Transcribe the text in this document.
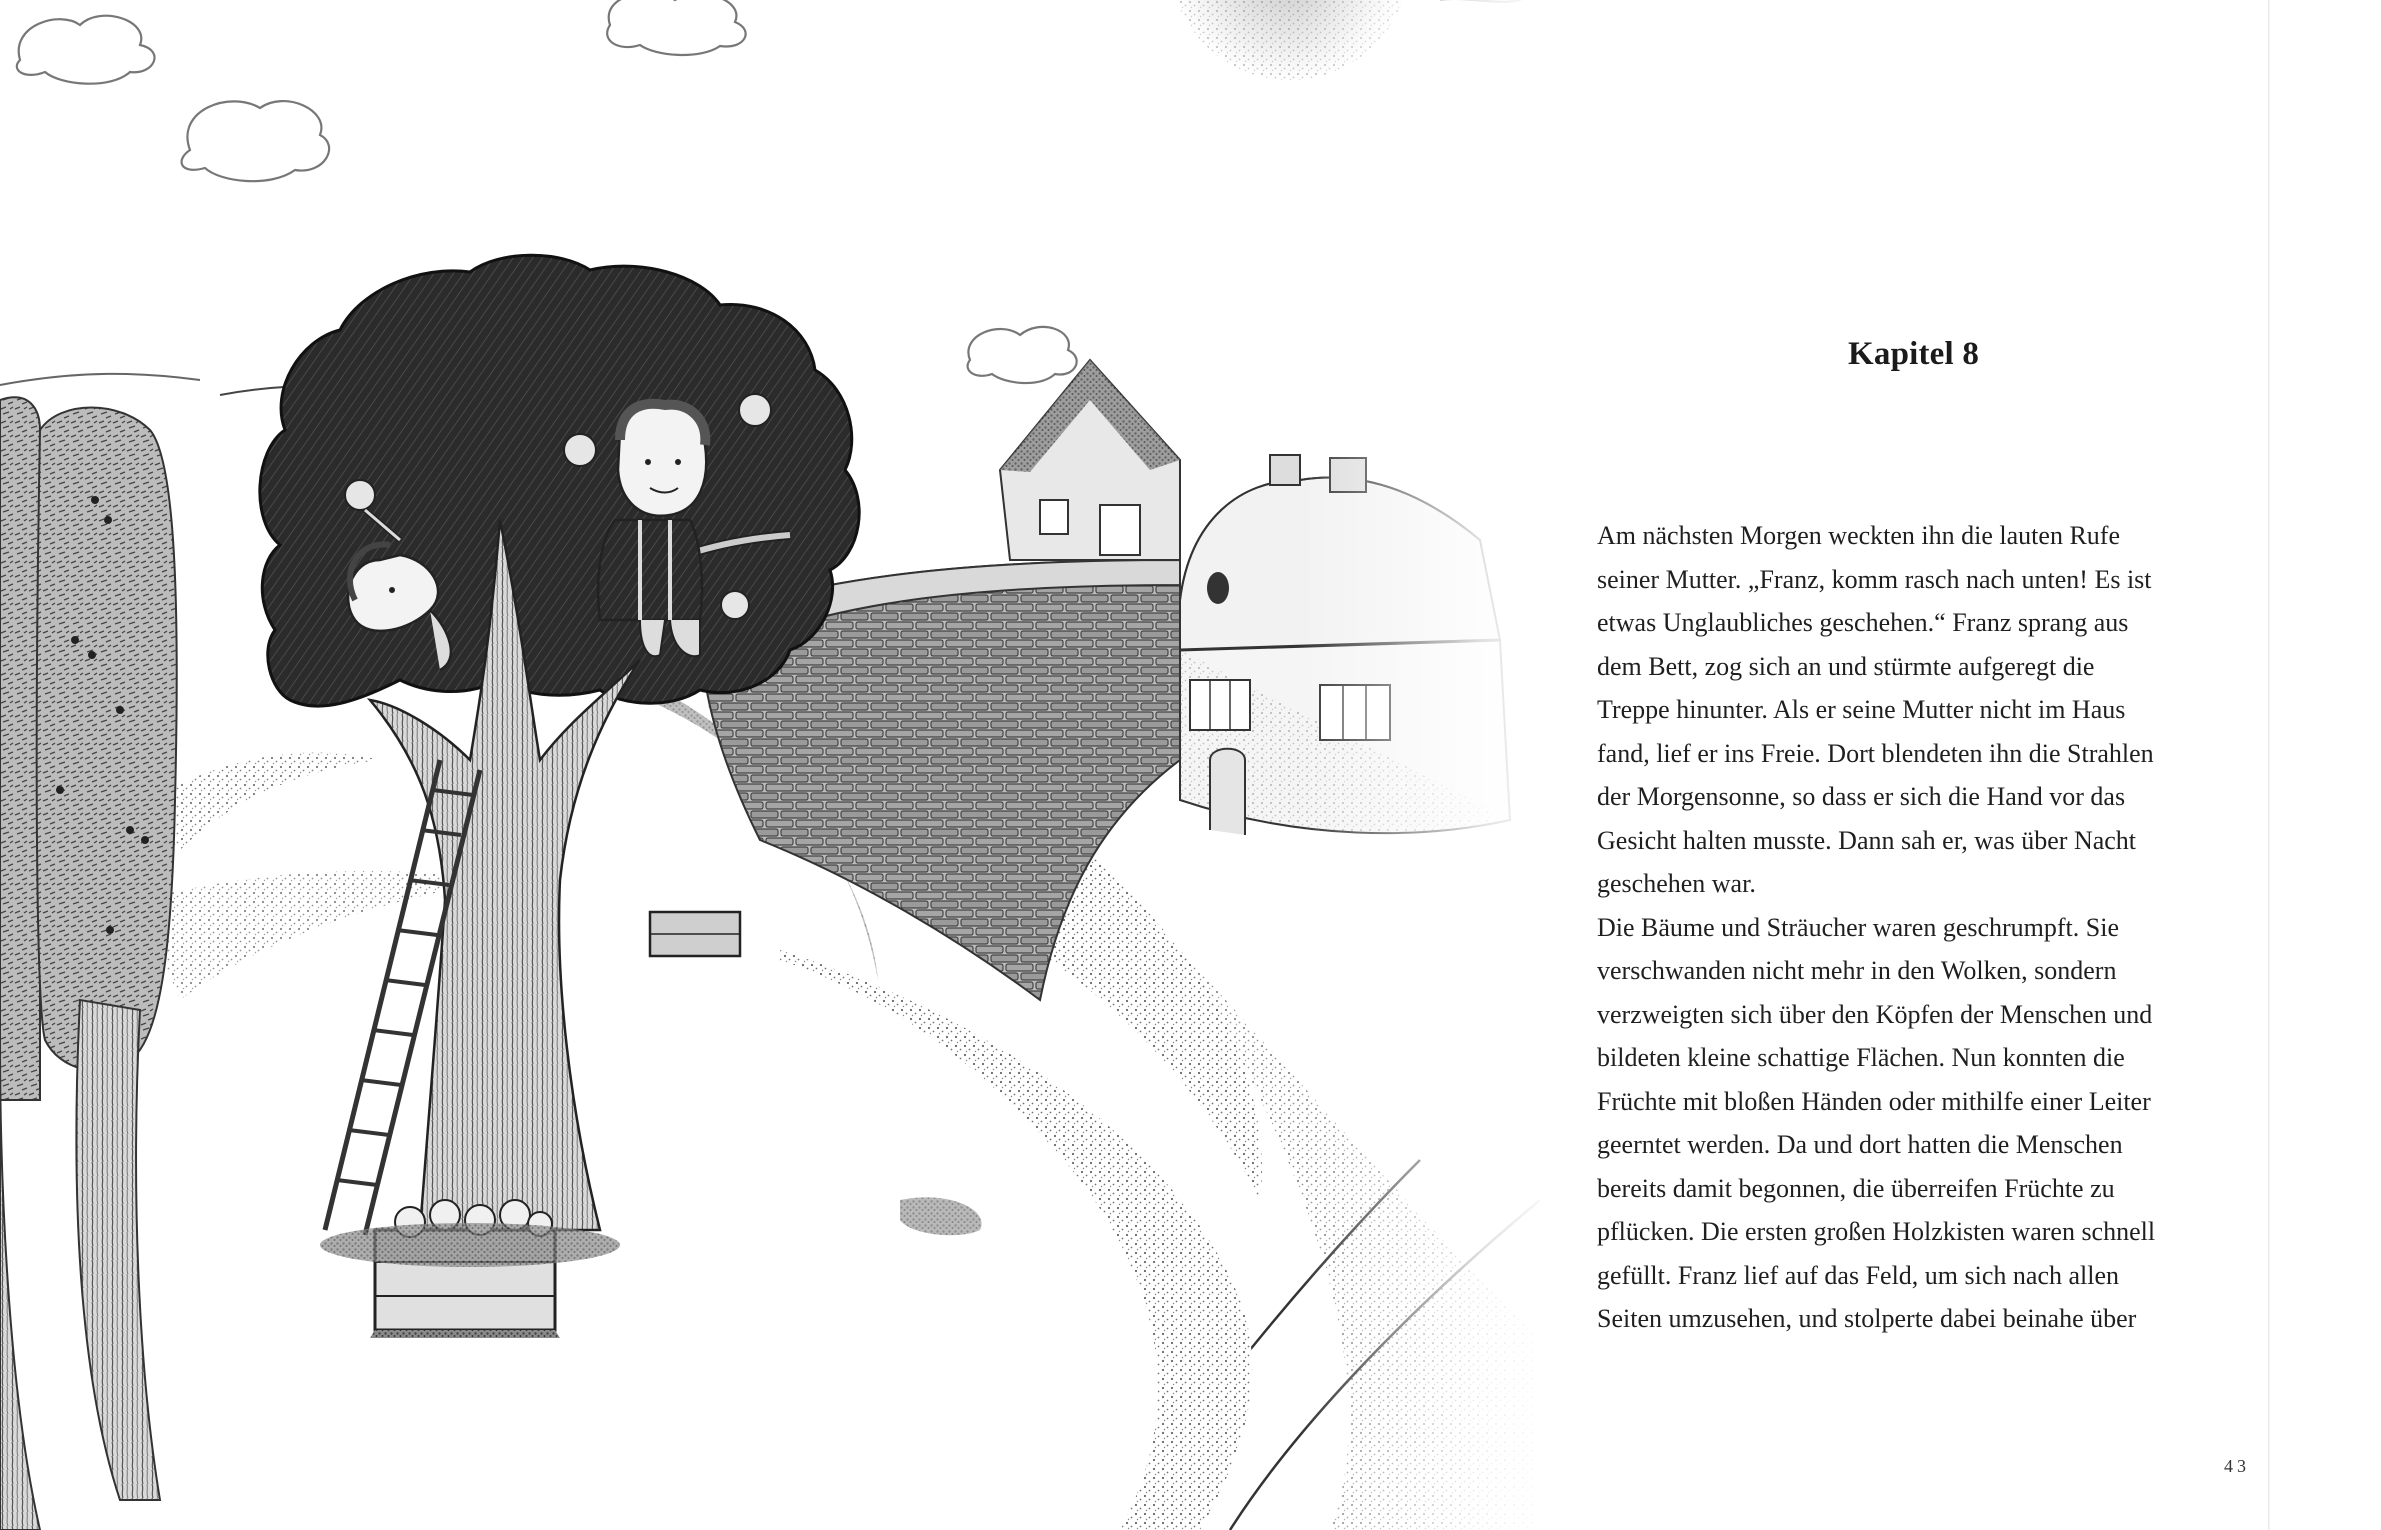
Kapitel 8

Am nächsten Morgen weckten ihn die lauten Rufe
seiner Mutter. „Franz, komm rasch nach unten! Es ist
etwas Unglaubliches geschehen.“ Franz sprang aus
dem Bett, zog sich an und stürmte aufgeregt die
Treppe hinunter. Als er seine Mutter nicht im Haus
fand, lief er ins Freie. Dort blendeten ihn die Strahlen
der Morgensonne, so dass er sich die Hand vor das
Gesicht halten musste. Dann sah er, was über Nacht
geschehen war.
Die Bäume und Sträucher waren geschrumpft. Sie
verschwanden nicht mehr in den Wolken, sondern
verzweigten sich über den Köpfen der Menschen und
bildeten kleine schattige Flächen. Nun konnten die
Früchte mit bloßen Händen oder mithilfe einer Leiter
geerntet werden. Da und dort hatten die Menschen
bereits damit begonnen, die überreifen Früchte zu
pflücken. Die ersten großen Holzkisten waren schnell
gefüllt. Franz lief auf das Feld, um sich nach allen
Seiten umzusehen, und stolperte dabei beinahe über

43
